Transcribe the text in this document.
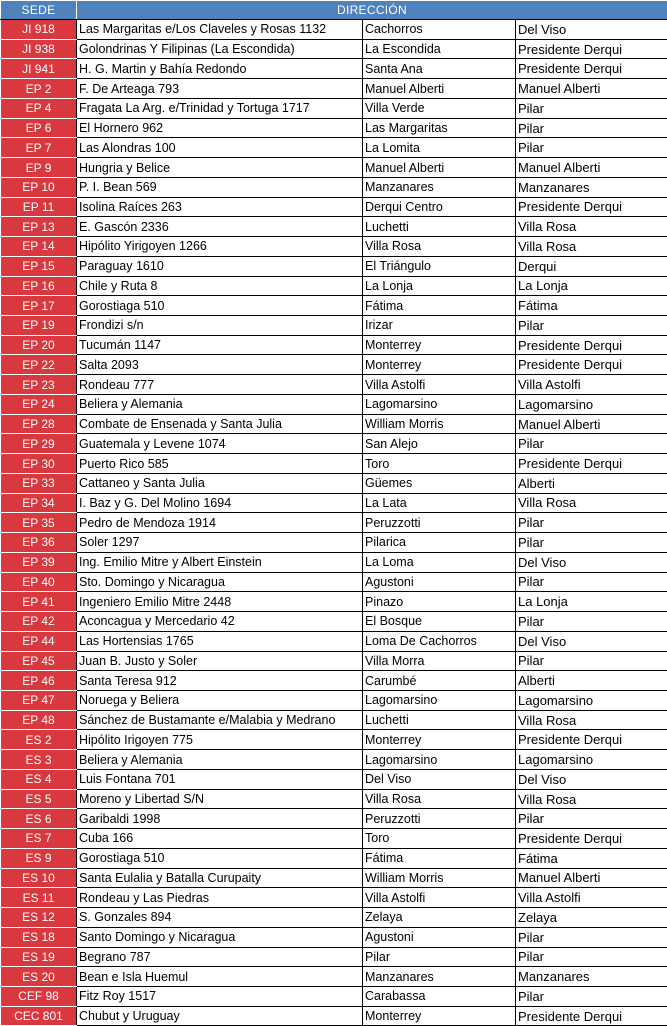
SEDE	DIRECCIÓN		
JI 918	Las Margaritas e/Los Claveles y Rosas 1132	Cachorros	Del Viso
JI 938	Golondrinas Y Filipinas (La Escondida)	La Escondida	Presidente Derqui
JI 941	H. G. Martin y Bahía Redondo	Santa Ana	Presidente Derqui
EP 2	F. De Arteaga 793	Manuel Alberti	Manuel Alberti
EP 4	Fragata La Arg. e/Trinidad y Tortuga 1717	Villa Verde	Pilar
EP 6	El Hornero 962	Las Margaritas	Pilar
EP 7	Las Alondras 100	La Lomita	Pilar
EP 9	Hungria y Belice	Manuel Alberti	Manuel Alberti
EP 10	P. I. Bean 569	Manzanares	Manzanares
EP 11	Isolina Raíces 263	Derqui Centro	Presidente Derqui
EP 13	E. Gascón 2336	Luchetti	Villa Rosa
EP 14	Hipólito Yirigoyen 1266	Villa Rosa	Villa Rosa
EP 15	Paraguay 1610	El Triángulo	Derqui
EP 16	Chile y Ruta 8	La Lonja	La Lonja
EP 17	Gorostiaga 510	Fátima	Fátima
EP 19	Frondizi s/n	Irizar	Pilar
EP 20	Tucumán 1147	Monterrey	Presidente Derqui
EP 22	Salta 2093	Monterrey	Presidente Derqui
EP 23	Rondeau 777	Villa Astolfi	Villa Astolfi
EP 24	Beliera y Alemania	Lagomarsino	Lagomarsino
EP 28	Combate de Ensenada y Santa Julia	William Morris	Manuel Alberti
EP 29	Guatemala y Levene 1074	San Alejo	Pilar
EP 30	Puerto Rico 585	Toro	Presidente Derqui
EP 33	Cattaneo y Santa Julia	Güemes	Alberti
EP 34	I. Baz y G. Del Molino 1694	La Lata	Villa Rosa
EP 35	Pedro de Mendoza 1914	Peruzzotti	Pilar
EP 36	Soler 1297	Pilarica	Pilar
EP 39	Ing. Emilio Mitre y Albert Einstein	La Loma	Del Viso
EP 40	Sto. Domingo y Nicaragua	Agustoni	Pilar
EP 41	Ingeniero Emilio Mitre 2448	Pinazo	La Lonja
EP 42	Aconcagua y Mercedario 42	El Bosque	Pilar
EP 44	Las Hortensias 1765	Loma De Cachorros	Del Viso
EP 45	Juan B. Justo y Soler	Villa Morra	Pilar
EP 46	Santa Teresa 912	Carumbé	Alberti
EP 47	Noruega y Beliera	Lagomarsino	Lagomarsino
EP 48	Sánchez de Bustamante e/Malabia y Medrano	Luchetti	Villa Rosa
ES 2	Hipólito Irigoyen 775	Monterrey	Presidente Derqui
ES 3	Beliera y Alemania	Lagomarsino	Lagomarsino
ES 4	Luis Fontana 701	Del Viso	Del Viso
ES 5	Moreno y Libertad S/N	Villa Rosa	Villa Rosa
ES 6	Garibaldi 1998	Peruzzotti	Pilar
ES 7	Cuba 166	Toro	Presidente Derqui
ES 9	Gorostiaga 510	Fátima	Fátima
ES 10	Santa Eulalia y Batalla Curupaity	William Morris	Manuel Alberti
ES 11	Rondeau y Las Piedras	Villa Astolfi	Villa Astolfi
ES 12	S. Gonzales 894	Zelaya	Zelaya
ES 18	Santo Domingo y Nicaragua	Agustoni	Pilar
ES 19	Begrano 787	Pilar	Pilar
ES 20	Bean e Isla Huemul	Manzanares	Manzanares
CEF 98	Fitz Roy 1517	Carabassa	Pilar
CEC 801	Chubut y Uruguay	Monterrey	Presidente Derqui
